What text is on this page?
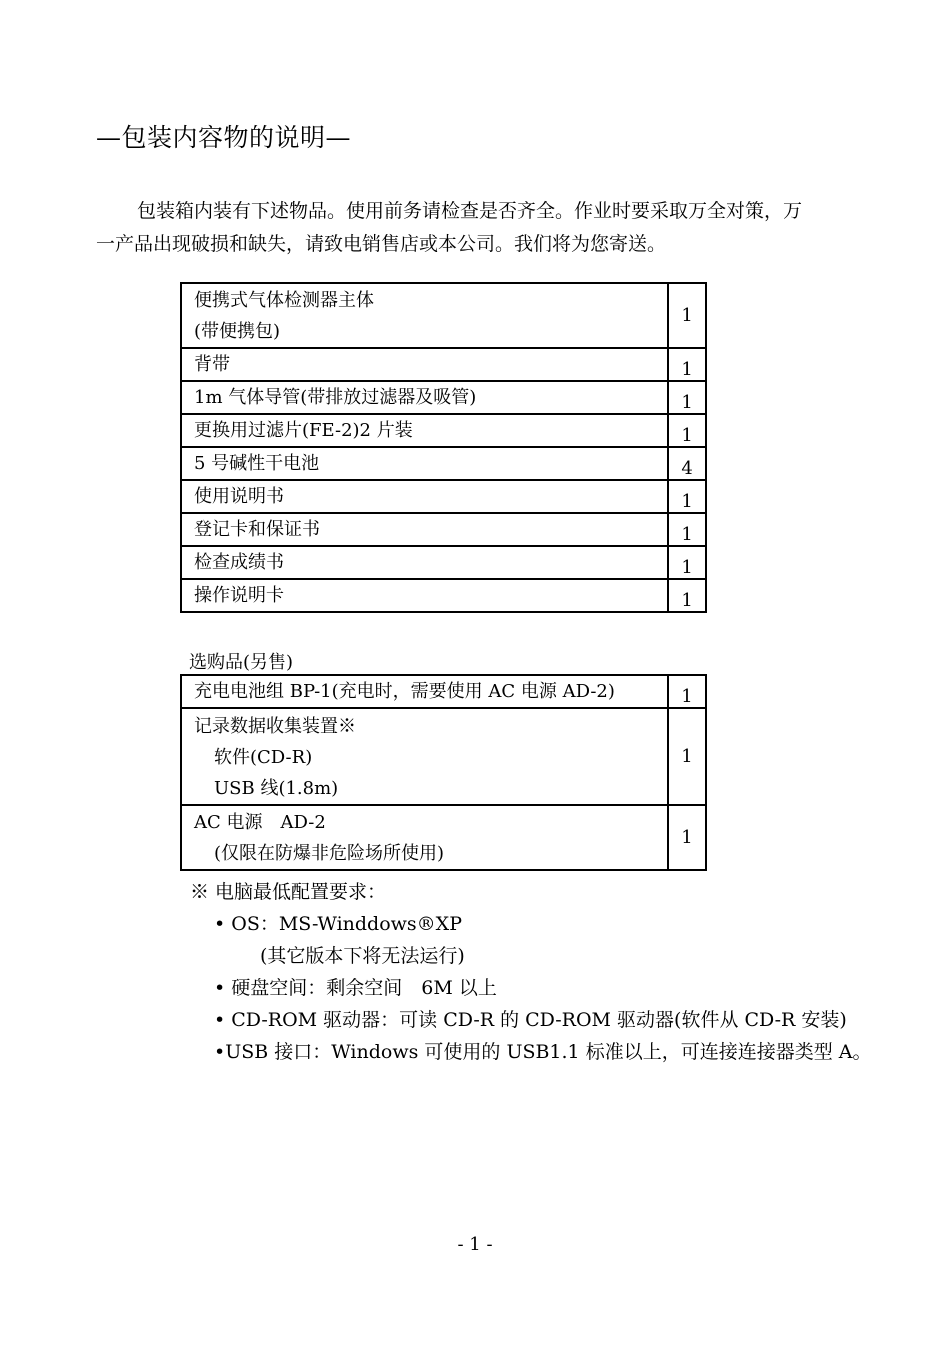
—包装内容物的说明—

包装箱内装有下述物品。使用前务请检查是否齐全。作业时要采取万全对策，万

一产品出现破损和缺失，请致电销售店或本公司。我们将为您寄送。

便携式气体检测器主体
(带便携包)	1

背带	1

1m 气体导管(带排放过滤器及吸管)	1

更换用过滤片(FE-2)2 片装	1

5 号碱性干电池	4

使用说明书	1

登记卡和保证书	1

检查成绩书	1

操作说明卡	1
选购品(另售)
充电电池组 BP-1(充电时，需要使用 AC 电源 AD-2)	1

记录数据收集装置※
软件(CD-R)
USB 线(1.8m)	1

AC 电源　AD-2
(仅限在防爆非危险场所使用)	1
※ 电脑最低配置要求：
• OS：MS-Winddows®XP
(其它版本下将无法运行)
• 硬盘空间：剩余空间　6M 以上
• CD-ROM 驱动器：可读 CD-R 的 CD-ROM 驱动器(软件从 CD-R 安装)
•USB 接口：Windows 可使用的 USB1.1 标准以上，可连接连接器类型 A。
- 1 -
